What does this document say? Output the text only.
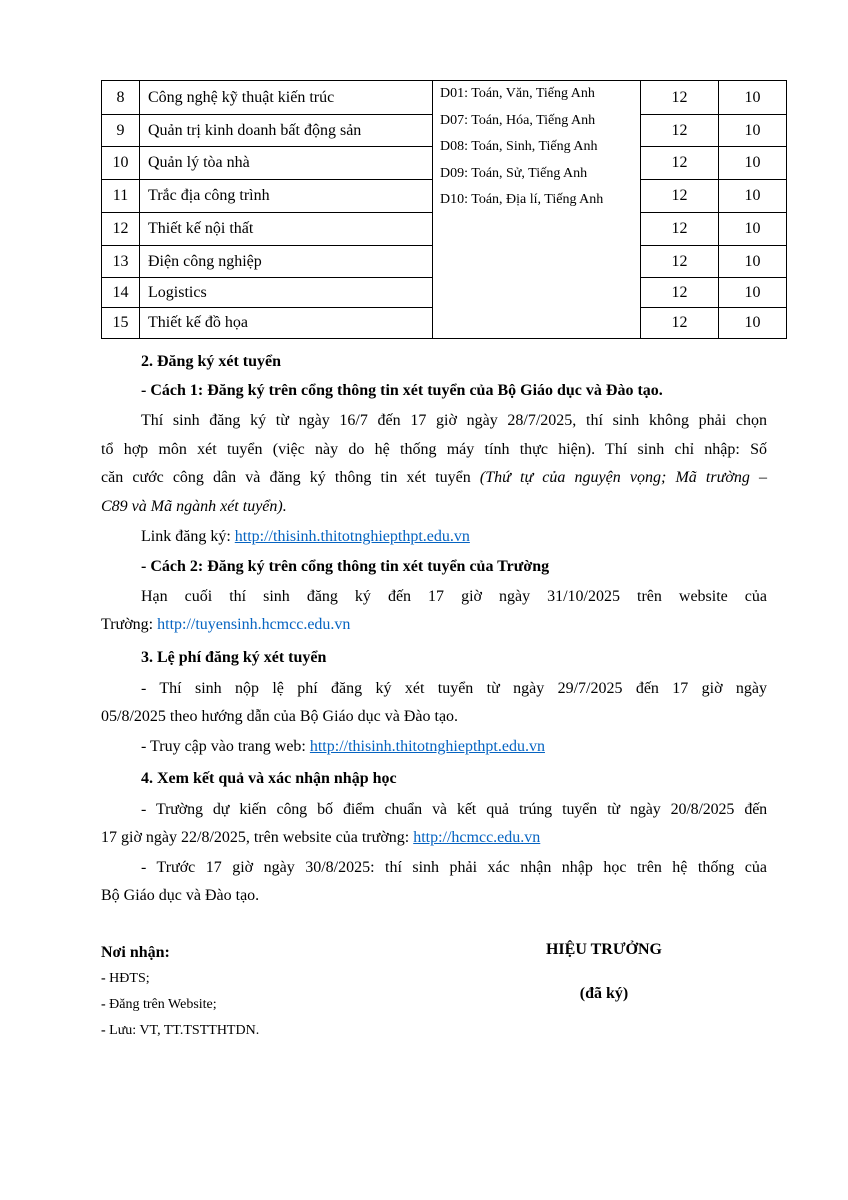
8	Công nghệ kỹ thuật kiến trúc	D01: Toán, Văn, Tiếng Anh
D07: Toán, Hóa, Tiếng Anh
D08: Toán, Sinh, Tiếng Anh
D09: Toán, Sử, Tiếng Anh
D10: Toán, Địa lí, Tiếng Anh	12	10
9	Quản trị kinh doanh bất động sản		12	10
10	Quản lý tòa nhà		12	10
11	Trắc địa công trình		12	10
12	Thiết kế nội thất		12	10
13	Điện công nghiệp		12	10
14	Logistics		12	10
15	Thiết kế đồ họa		12	10

2. Đăng ký xét tuyển

- Cách 1: Đăng ký trên cổng thông tin xét tuyển của Bộ Giáo dục và Đào tạo.

Thí sinh đăng ký từ ngày 16/7 đến 17 giờ ngày 28/7/2025, thí sinh không phải chọn

tổ hợp môn xét tuyển (việc này do hệ thống máy tính thực hiện). Thí sinh chỉ nhập: Số

căn cước công dân và đăng ký thông tin xét tuyển (Thứ tự của nguyện vọng; Mã trường –

C89 và Mã ngành xét tuyển).

Link đăng ký: http://thisinh.thitotnghiepthpt.edu.vn

- Cách 2: Đăng ký trên cổng thông tin xét tuyển của Trường

Hạn cuối thí sinh đăng ký đến 17 giờ ngày 31/10/2025 trên website của

Trường: http://tuyensinh.hcmcc.edu.vn

3. Lệ phí đăng ký xét tuyển

- Thí sinh nộp lệ phí đăng ký xét tuyển từ ngày 29/7/2025 đến 17 giờ ngày

05/8/2025 theo hướng dẫn của Bộ Giáo dục và Đào tạo.

- Truy cập vào trang web: http://thisinh.thitotnghiepthpt.edu.vn

4. Xem kết quả và xác nhận nhập học

- Trường dự kiến công bố điểm chuẩn và kết quả trúng tuyển từ ngày 20/8/2025 đến

17 giờ ngày 22/8/2025, trên website của trường: http://hcmcc.edu.vn

- Trước 17 giờ ngày 30/8/2025: thí sinh phải xác nhận nhập học trên hệ thống của

Bộ Giáo dục và Đào tạo.

Nơi nhận:
- HĐTS;
- Đăng trên Website;
- Lưu: VT, TT.TSTTHTDN.
HIỆU TRƯỞNG
(đã ký)
